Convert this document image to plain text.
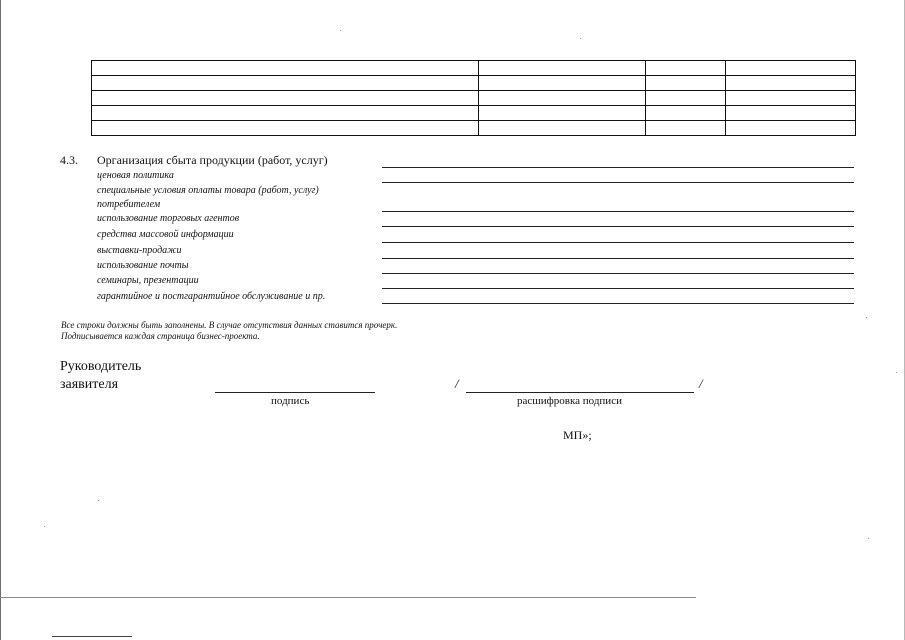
4.3. Организация сбыта продукции (работ, услуг)
ценовая политика
специальные условия оплаты товара (работ, услуг)
потребителем
использование торговых агентов
средства массовой информации
выставки-продажи
использование почты
семинары, презентации
гарантийное и постгарантийное обслуживание и пр.
Все строки должны быть заполнены. В случае отсутствия данных ставится прочерк.
Подписывается каждая страница бизнес-проекта.
Руководитель
заявителя	/	/
подпись	расшифровка подписи
МП»;
